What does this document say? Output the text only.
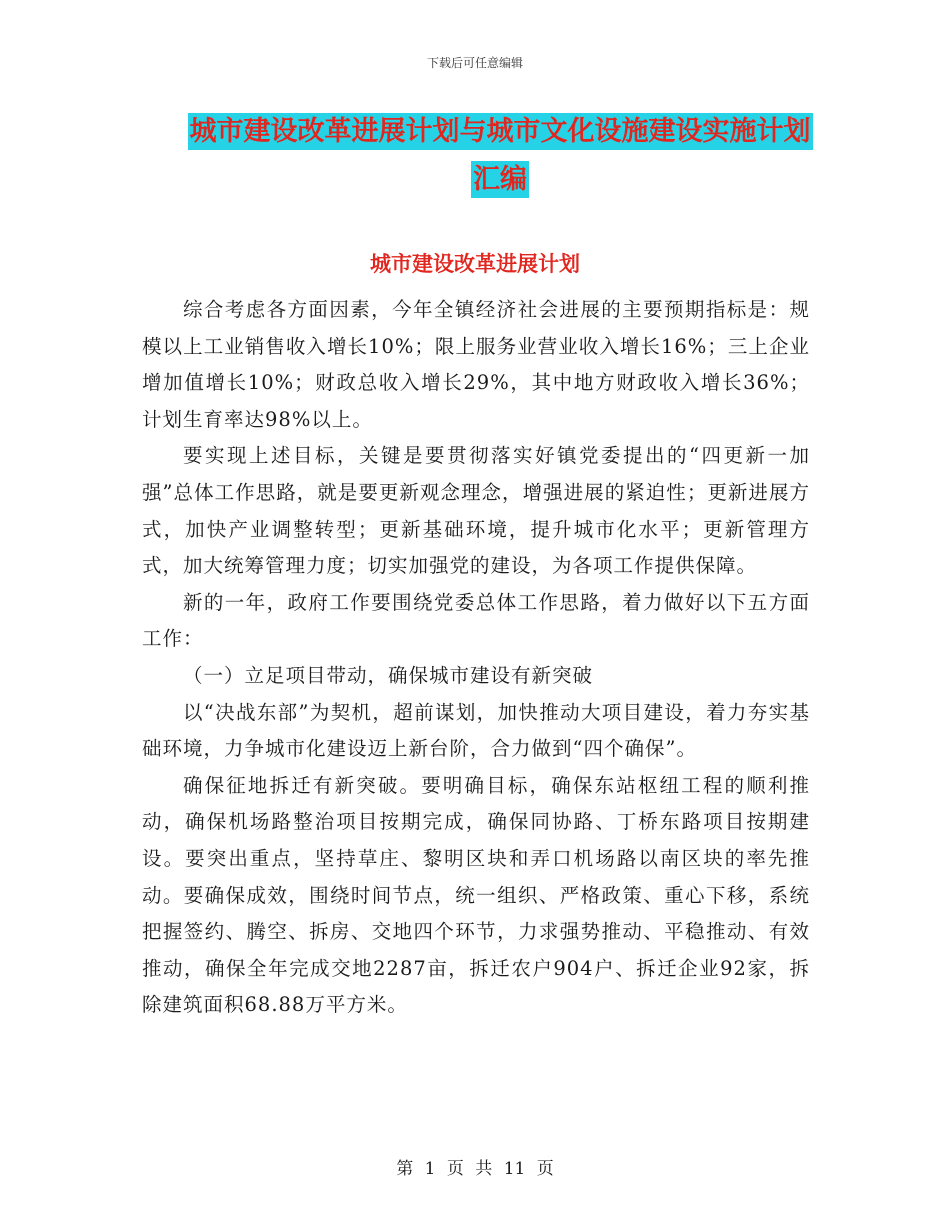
下载后可任意编辑
城市建设改革进展计划与城市文化设施建设实施计划
汇编
城市建设改革进展计划

综合考虑各方面因素，今年全镇经济社会进展的主要预期指标是：规模以上工业销售收入增长10%；限上服务业营业收入增长16%；三上企业增加值增长10%；财政总收入增长29%，其中地方财政收入增长36%；计划生育率达98%以上。

要实现上述目标，关键是要贯彻落实好镇党委提出的“四更新一加强”总体工作思路，就是要更新观念理念，增强进展的紧迫性；更新进展方式，加快产业调整转型；更新基础环境，提升城市化水平；更新管理方式，加大统筹管理力度；切实加强党的建设，为各项工作提供保障。

新的一年，政府工作要围绕党委总体工作思路，着力做好以下五方面工作：

（一）立足项目带动，确保城市建设有新突破

以“决战东部”为契机，超前谋划，加快推动大项目建设，着力夯实基础环境，力争城市化建设迈上新台阶，合力做到“四个确保”。

确保征地拆迁有新突破。要明确目标，确保东站枢纽工程的顺利推动，确保机场路整治项目按期完成，确保同协路、丁桥东路项目按期建设。要突出重点，坚持草庄、黎明区块和弄口机场路以南区块的率先推动。要确保成效，围绕时间节点，统一组织、严格政策、重心下移，系统把握签约、腾空、拆房、交地四个环节，力求强势推动、平稳推动、有效推动，确保全年完成交地2287亩，拆迁农户904户、拆迁企业92家，拆除建筑面积68.88万平方米。

第 1 页 共 11 页
